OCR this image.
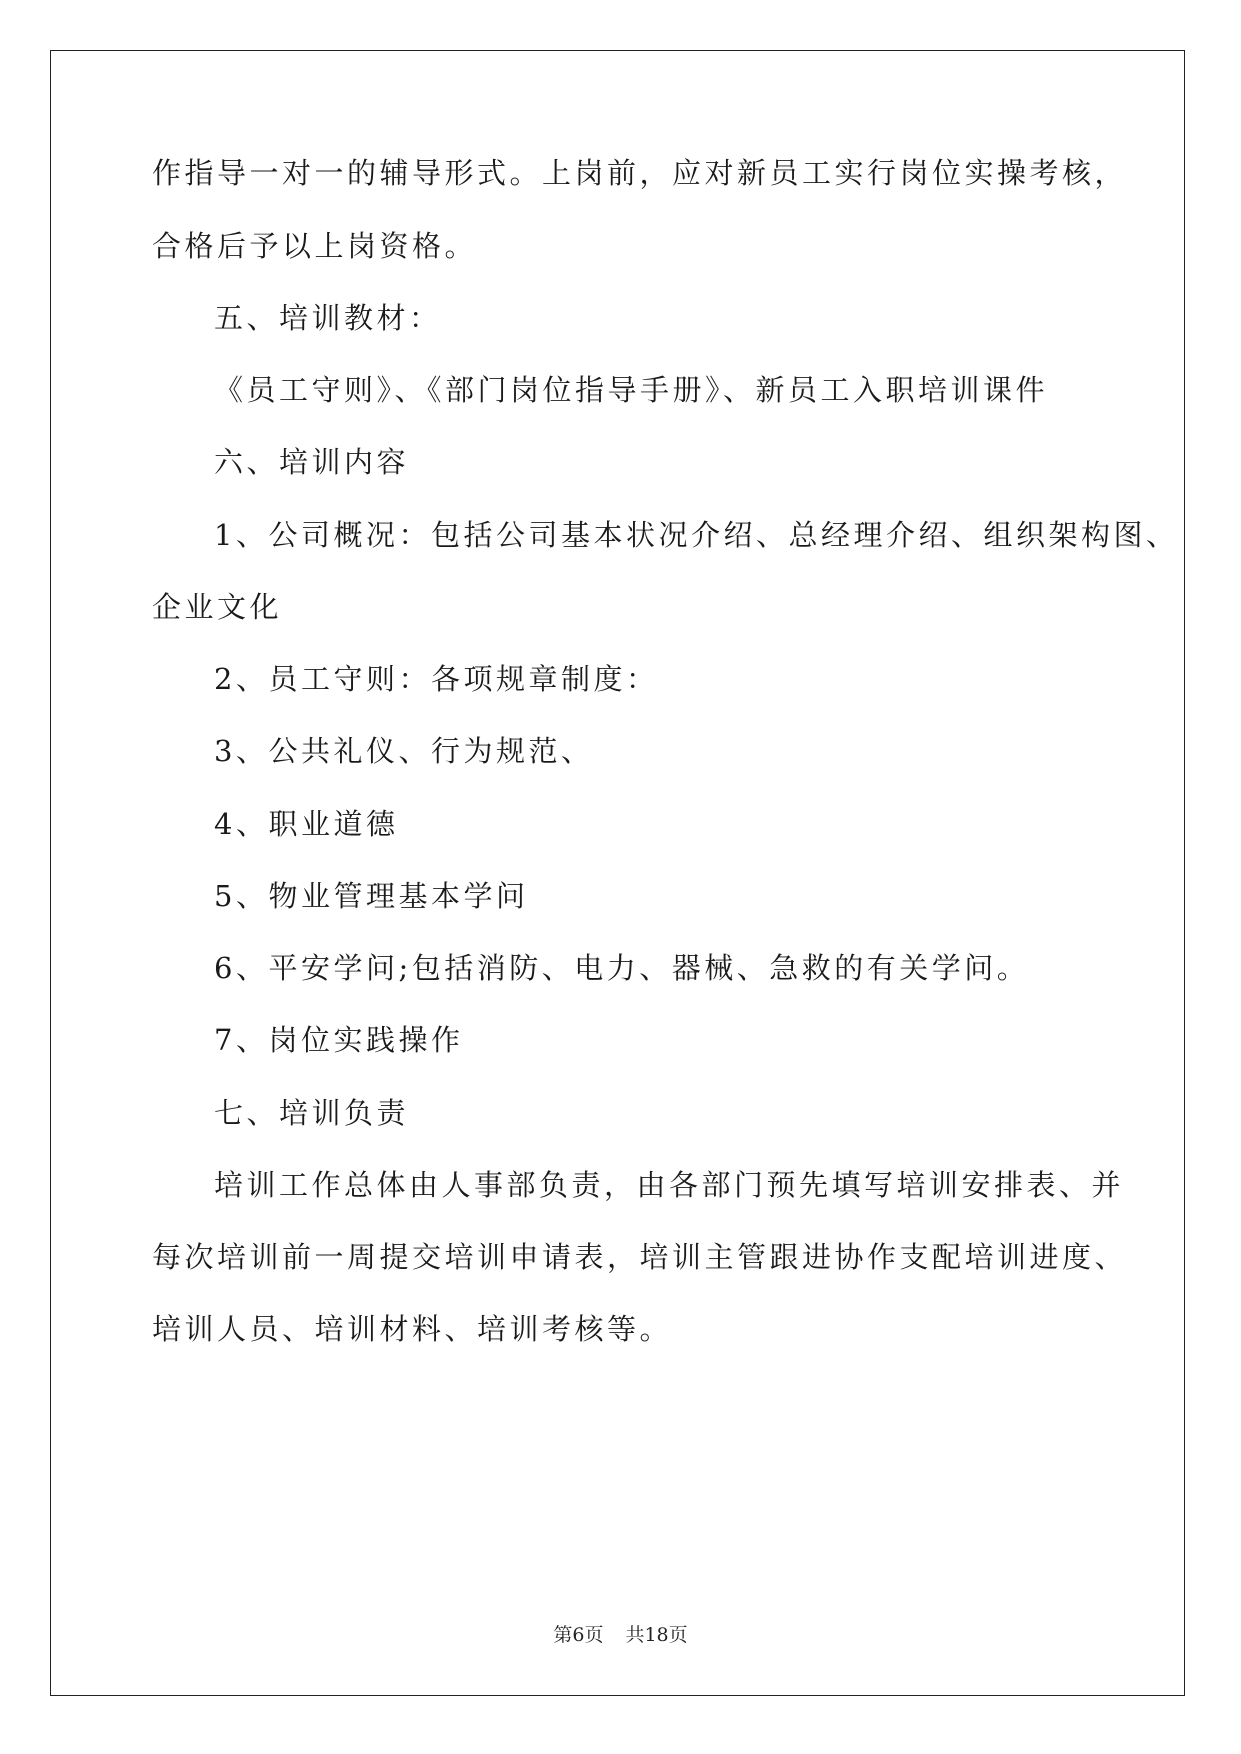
作指导一对一的辅导形式。上岗前，应对新员工实行岗位实操考核，
合格后予以上岗资格。
五、培训教材：
《员工守则》、《部门岗位指导手册》、新员工入职培训课件
六、培训内容
1、公司概况：包括公司基本状况介绍、总经理介绍、组织架构图、
企业文化
2、员工守则：各项规章制度：
3、公共礼仪、行为规范、
4、职业道德
5、物业管理基本学问
6、平安学问;包括消防、电力、器械、急救的有关学问。
7、岗位实践操作
七、培训负责
培训工作总体由人事部负责，由各部门预先填写培训安排表、并
每次培训前一周提交培训申请表，培训主管跟进协作支配培训进度、
培训人员、培训材料、培训考核等。
第6页 共18页
